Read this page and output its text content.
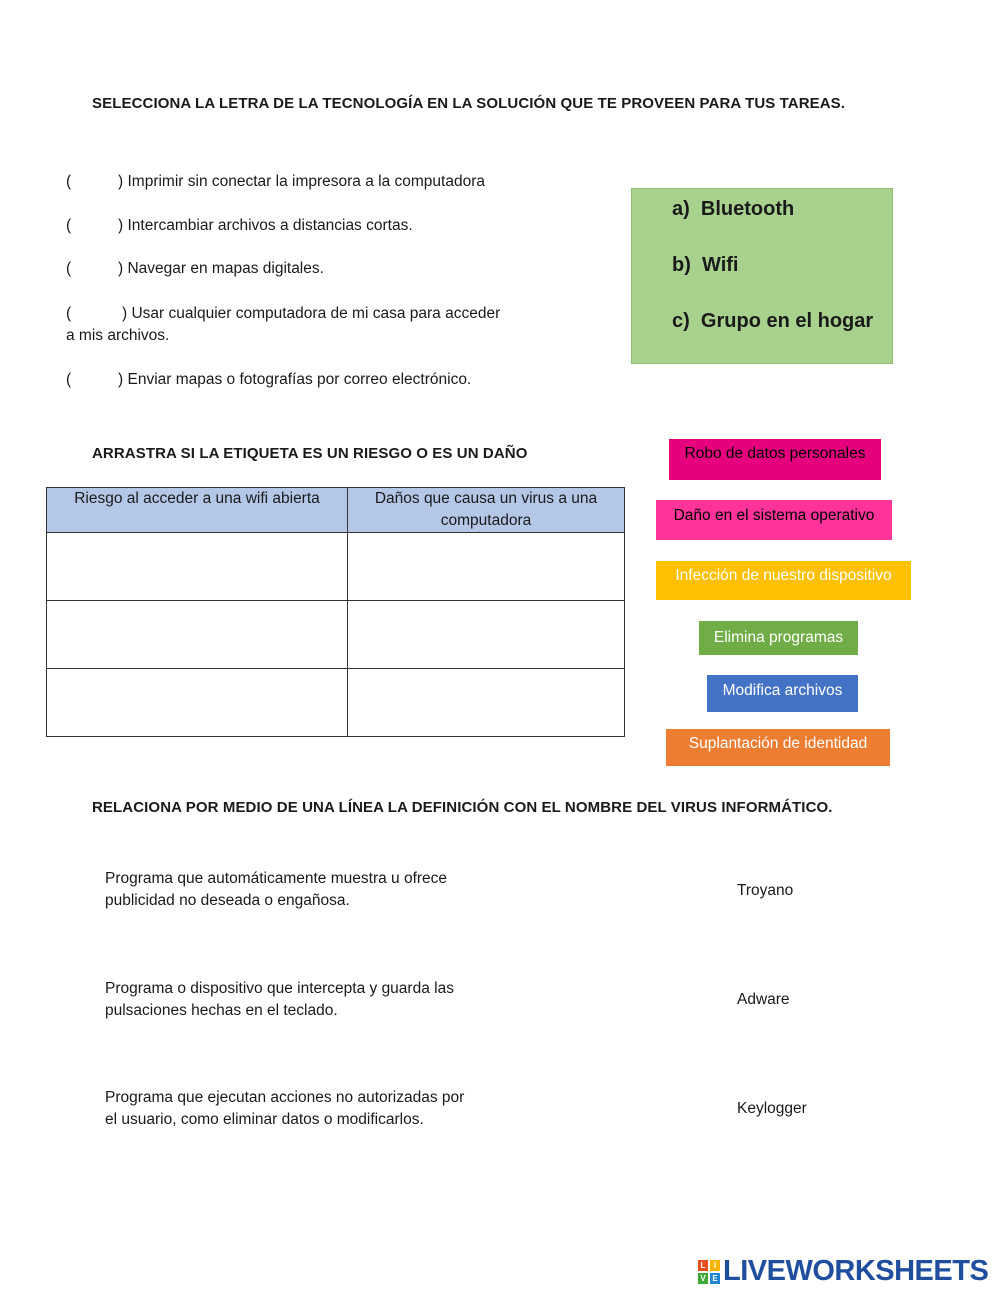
SELECCIONA LA LETRA DE LA TECNOLOGÍA EN LA SOLUCIÓN QUE TE PROVEEN PARA TUS TAREAS.
(	) Imprimir sin conectar la impresora a la computadora
(	) Intercambiar archivos a distancias cortas.
(	) Navegar en mapas digitales.
(	) Usar cualquier computadora de mi casa para acceder
a mis archivos.
(	) Enviar mapas o fotografías por correo electrónico.
a) Bluetooth
b) Wifi
c) Grupo en el hogar
ARRASTRA SI LA ETIQUETA ES UN RIESGO O ES UN DAÑO
Riesgo al acceder a una wifi abierta	Daños que causa un virus a una
computadora

Robo de datos personales
Daño en el sistema operativo
Infección de nuestro dispositivo
Elimina programas
Modifica archivos
Suplantación de identidad
RELACIONA POR MEDIO DE UNA LÍNEA LA DEFINICIÓN CON EL NOMBRE DEL VIRUS INFORMÁTICO.
Programa que automáticamente muestra u ofrece
publicidad no deseada o engañosa.
Programa o dispositivo que intercepta y guarda las
pulsaciones hechas en el teclado.
Programa que ejecutan acciones no autorizadas por
el usuario, como eliminar datos o modificarlos.
Troyano
Adware
Keylogger
L	I
V E LIVEWORKSHEETS
